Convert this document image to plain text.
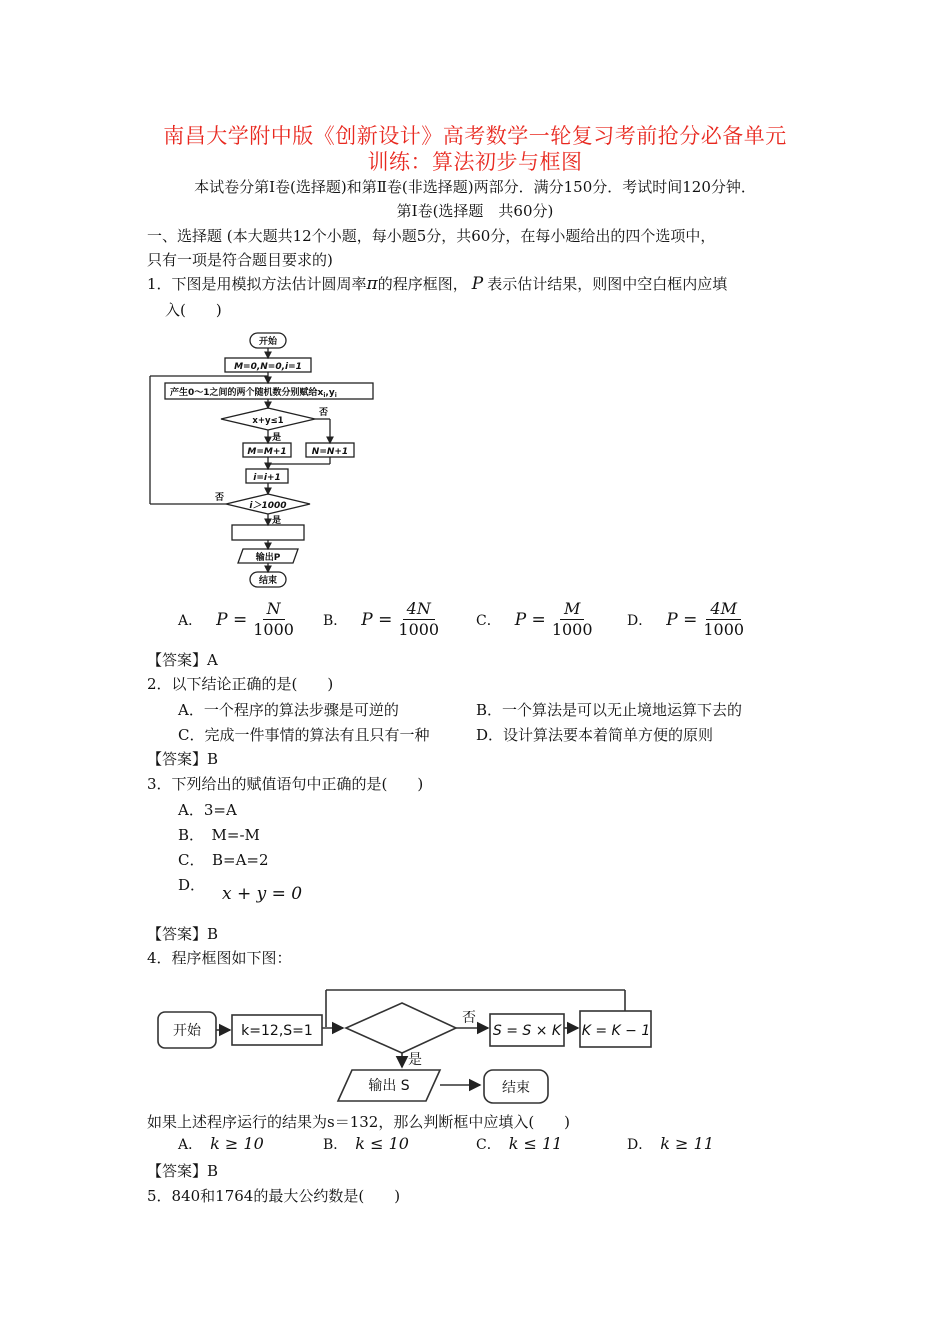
南昌大学附中版《创新设计》高考数学一轮复习考前抢分必备单元
训练：算法初步与框图
本试卷分第Ⅰ卷(选择题)和第Ⅱ卷(非选择题)两部分．满分150分．考试时间120分钟．
第Ⅰ卷(选择题　共60分)
一、选择题 (本大题共12个小题，每小题5分，共60分，在每小题给出的四个选项中，
只有一项是符合题目要求的)
1．下图是用模拟方法估计圆周率π的程序框图， P 表示估计结果，则图中空白框内应填
入(　　)
开始
M=0,N=0,i=1
产生0～1之间的两个随机数分别赋给$x_i,y_i$
x+y≤1
否
是
M=M+1	N=N+1
i=i+1
i＞1000
否
是
输出P
结束
A． $P = \frac{N}{1000}$ B． $P = \frac{4N}{1000}$ C． $P = \frac{M}{1000}$ D． $P = \frac{4M}{1000}$
【答案】A
2．以下结论正确的是(　　)
A．一个程序的算法步骤是可逆的	B．一个算法是可以无止境地运算下去的
C．完成一件事情的算法有且只有一种	D．设计算法要本着简单方便的原则
【答案】B
3．下列给出的赋值语句中正确的是(　　)
A．3=A
B．　M=-M
C．　B=A=2
D． x + y = 0
【答案】B
4．程序框图如下图：
开始	k=12,S=1
否
是
S = S × K K = K − 1
输出 S	结束
如果上述程序运行的结果为s＝132，那么判断框中应填入(　　)
A． k ≥ 10	B． k ≤ 10	C． k ≤ 11	D． k ≥ 11
【答案】B
5．840和1764的最大公约数是(　　)
